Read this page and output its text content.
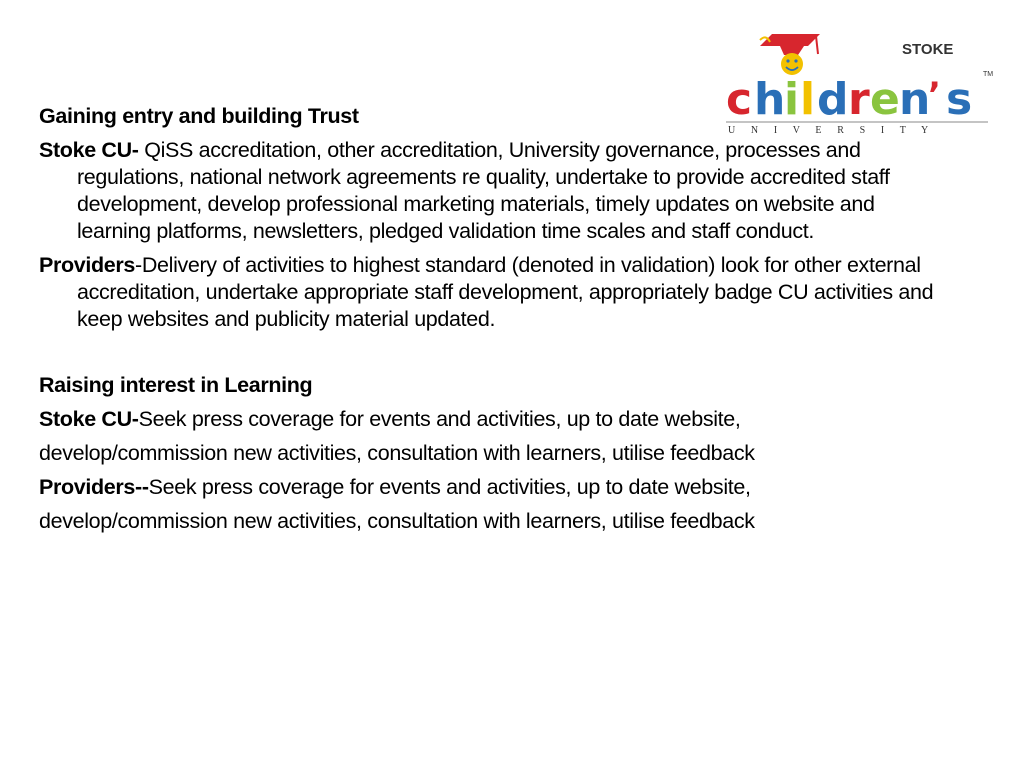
STOKE
TM
c h
i l d r e n
’ s
U N I V E R S I T Y

Gaining entry and building Trust

Stoke CU- QiSS accreditation, other accreditation, University governance, processes and regulations, national network agreements re quality, undertake to provide accredited staff development, develop professional marketing materials, timely updates on website and learning platforms, newsletters, pledged validation time scales and staff conduct.

Providers-Delivery of activities to highest standard (denoted in validation) look for other external accreditation, undertake appropriate staff development, appropriately badge CU activities and keep websites and publicity material updated.

Raising interest in Learning

Stoke CU-Seek press coverage for events and activities, up to date website,

develop/commission new activities, consultation with learners, utilise feedback

Providers--Seek press coverage for events and activities, up to date website,

develop/commission new activities, consultation with learners, utilise feedback
